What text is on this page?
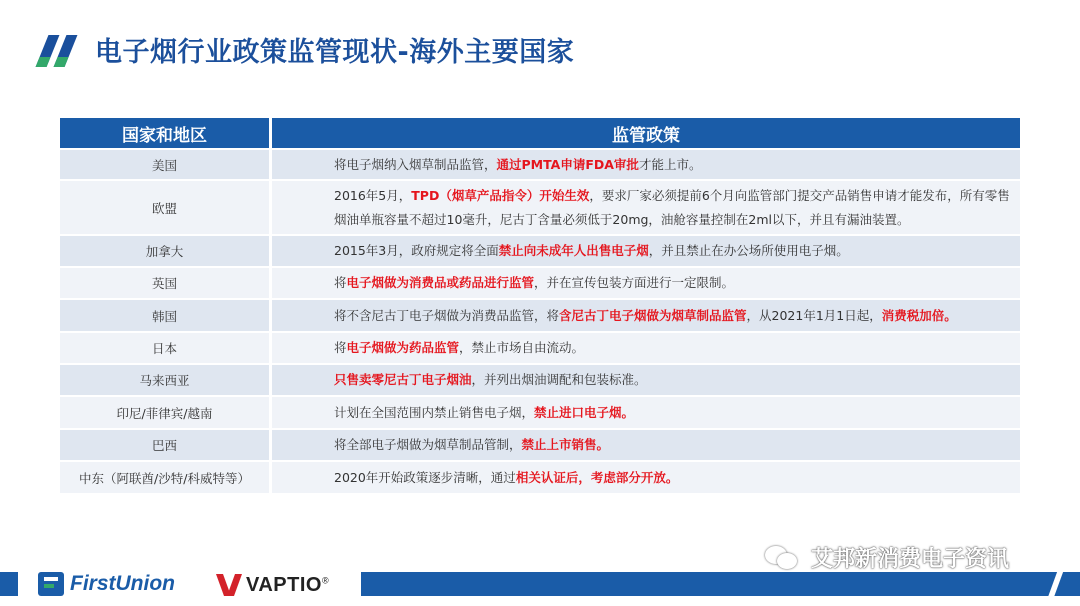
电子烟行业政策监管现状-海外主要国家
国家和地区	监管政策
美国	将电子烟纳入烟草制品监管，通过PMTA申请FDA审批才能上市。
欧盟	2016年5月，TPD（烟草产品指令）开始生效，要求厂家必须提前6个月向监管部门提交产品销售申请才能发布，所有零售烟油单瓶容量不超过10毫升，尼古丁含量必须低于20mg，油舱容量控制在2ml以下，并且有漏油装置。
加拿大	2015年3月，政府规定将全面禁止向未成年人出售电子烟，并且禁止在办公场所使用电子烟。
英国	将电子烟做为消费品或药品进行监管，并在宣传包装方面进行一定限制。
韩国	将不含尼古丁电子烟做为消费品监管，将含尼古丁电子烟做为烟草制品监管，从2021年1月1日起，消费税加倍。
日本	将电子烟做为药品监管，禁止市场自由流动。
马来西亚	只售卖零尼古丁电子烟油，并列出烟油调配和包装标准。
印尼/菲律宾/越南	计划在全国范围内禁止销售电子烟，禁止进口电子烟。
巴西	将全部电子烟做为烟草制品管制，禁止上市销售。
中东（阿联酋/沙特/科威特等）	2020年开始政策逐步清晰，通过相关认证后，考虑部分开放。
FirstUnion	VAPTIO®
艾邦新消费电子资讯
